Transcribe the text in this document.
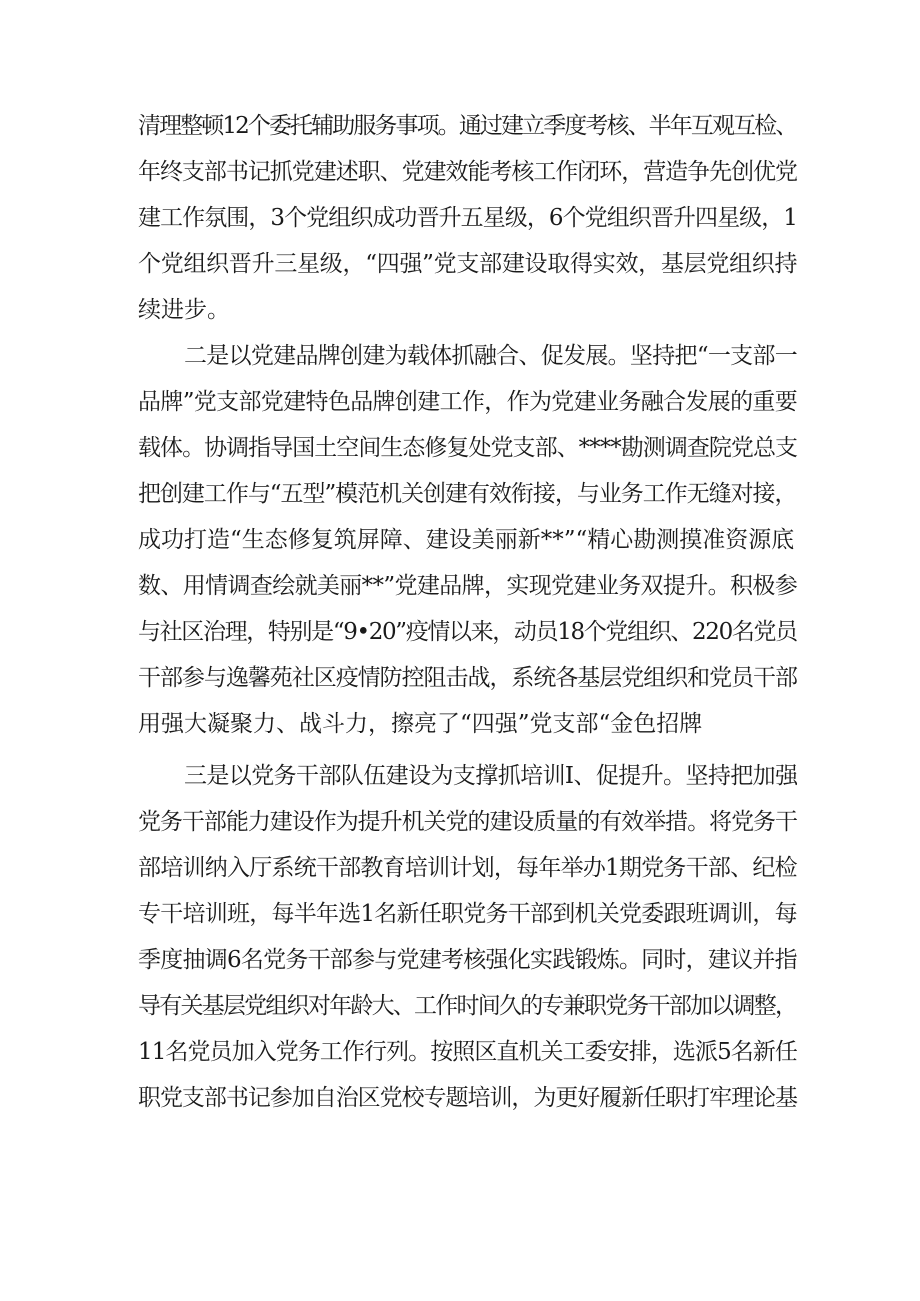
清理整顿12个委托辅助服务事项。通过建立季度考核、半年互观互检、
年终支部书记抓党建述职、党建效能考核工作闭环，营造争先创优党
建工作氛围，3个党组织成功晋升五星级，6个党组织晋升四星级，1
个党组织晋升三星级，“四强”党支部建设取得实效，基层党组织持
续进步。
二是以党建品牌创建为载体抓融合、促发展。坚持把“一支部一
品牌”党支部党建特色品牌创建工作，作为党建业务融合发展的重要
载体。协调指导国土空间生态修复处党支部、****勘测调查院党总支
把创建工作与“五型”模范机关创建有效衔接，与业务工作无缝对接，
成功打造“生态修复筑屏障、建设美丽新**”“精心勘测摸准资源底
数、用情调查绘就美丽**”党建品牌，实现党建业务双提升。积极参
与社区治理，特别是“9•20”疫情以来，动员18个党组织、220名党员
干部参与逸馨苑社区疫情防控阻击战，系统各基层党组织和党员干部
用强大凝聚力、战斗力，擦亮了“四强”党支部“金色招牌
三是以党务干部队伍建设为支撑抓培训I、促提升。坚持把加强
党务干部能力建设作为提升机关党的建设质量的有效举措。将党务干
部培训纳入厅系统干部教育培训计划，每年举办1期党务干部、纪检
专干培训班，每半年选1名新任职党务干部到机关党委跟班调训，每
季度抽调6名党务干部参与党建考核强化实践锻炼。同时，建议并指
导有关基层党组织对年龄大、工作时间久的专兼职党务干部加以调整，
11名党员加入党务工作行列。按照区直机关工委安排，选派5名新任
职党支部书记参加自治区党校专题培训，为更好履新任职打牢理论基
